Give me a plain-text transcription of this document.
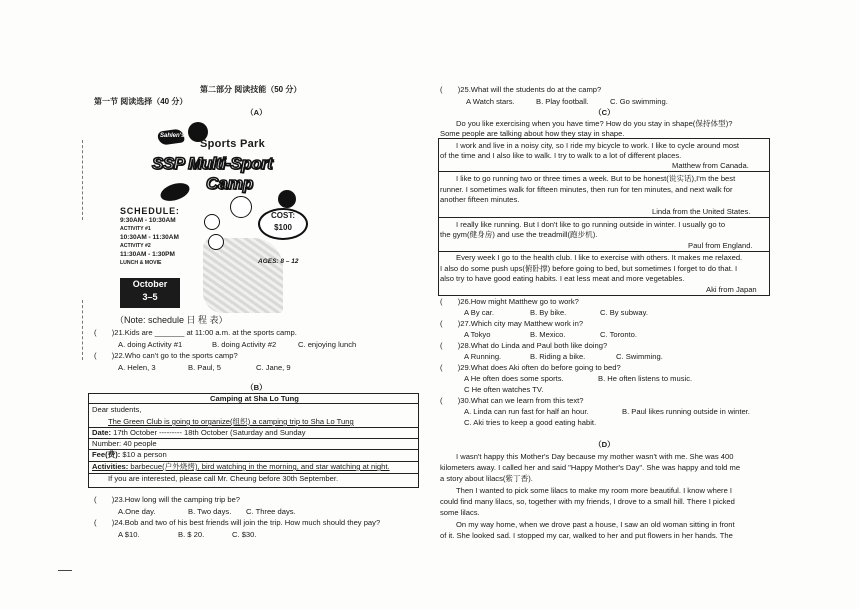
第二部分 阅读技能（50 分）
第一节 阅读选择（40 分）
（A）
Sahlen's
Sports Park
SSP Multi-Sport
Camp
SCHEDULE:
9:30AM - 10:30AM
ACTIVITY #1
10:30AM - 11:30AM
ACTIVITY #2
11:30AM - 1:30PM
LUNCH & MOVIE
COST:
$100
AGES: 8 – 12
October
3–5
（Note: schedule 日 程 表）
(　　)21.Kids are _______ at 11:00 a.m. at the sports camp.
A. doing Activity #1	B. doing Activity #2	C. enjoying lunch
(　　)22.Who can't go to the sports camp?
A. Helen, 3	B. Paul, 5	C. Jane, 9
（B）
Camping at Sha Lo Tung
Dear students,
The Green Club is going to organize(组织) a camping trip to Sha Lo Tung
Date: 17th October --------- 18th October (Saturday and Sunday
Number: 40 people
Fee(费): $10 a person
Activities: barbecue(户外烧烤), bird watching in the morning, and star watching at night.
If you are interested, please call Mr. Cheung before 30th September.
(　　)23.How long will the camping trip be?
A.One day.	B. Two days. C. Three days.
(　　)24.Bob and two of his best friends will join the trip. How much should they pay?
A $10.	B. $ 20.	C. $30.
(　　)25.What will the students do at the camp?
A Watch stars.	B. Play football.	C. Go swimming.
（C）
Do you like exercising when you have time? How do you stay in shape(保持体型)?
Some people are talking about how they stay in shape.
I work and live in a noisy city, so I ride my bicycle to work. I like to cycle around most
of the time and I also like to walk. I try to walk to a lot of different places.
Matthew from Canada.
I like to go running two or three times a week. But to be honest(说实话),I'm the best
runner. I sometimes walk for fifteen minutes, then run for ten minutes, and next walk for
another fifteen minutes.
Linda from the United States.
I really like running. But I don't like to go running outside in winter. I usually go to
the gym(健身房) and use the treadmill(跑步机).
Paul from England.
Every week I go to the health club. I like to exercise with others. It makes me relaxed.
I also do some push ups(俯卧撑) before going to bed, but sometimes I forget to do that. I
also try to have good eating habits. I eat less meat and more vegetables.
Aki from Japan
(　　)26.How might Matthew go to work?
A By car.	B. By bike.	C. By subway.
(　　)27.Which city may Matthew work in?
A Tokyo	B. Mexico.	C. Toronto.
(　　)28.What do Linda and Paul both like doing?
A Running.	B. Riding a bike.	C. Swimming.
(　　)29.What does Aki often do before going to bed?
A He often does some sports.	B. He often listens to music.
C He often watches TV.
(　　)30.What can we learn from this text?
A. Linda can run fast for half an hour.	B. Paul likes running outside in winter.
C. Aki tries to keep a good eating habit.
（D）
I wasn't happy this Mother's Day because my mother wasn't with me. She was 400
kilometers away. I called her and said "Happy Mother's Day". She was happy and told me
a story about lilacs(紫丁香).
Then I wanted to pick some lilacs to make my room more beautiful. I know where I
could find many lilacs, so, together with my friends, I drove to a small hill. There I picked
some lilacs.
On my way home, when we drove past a house, I saw an old woman sitting in front
of it. She looked sad. I stopped my car, walked to her and put flowers in her hands. The
